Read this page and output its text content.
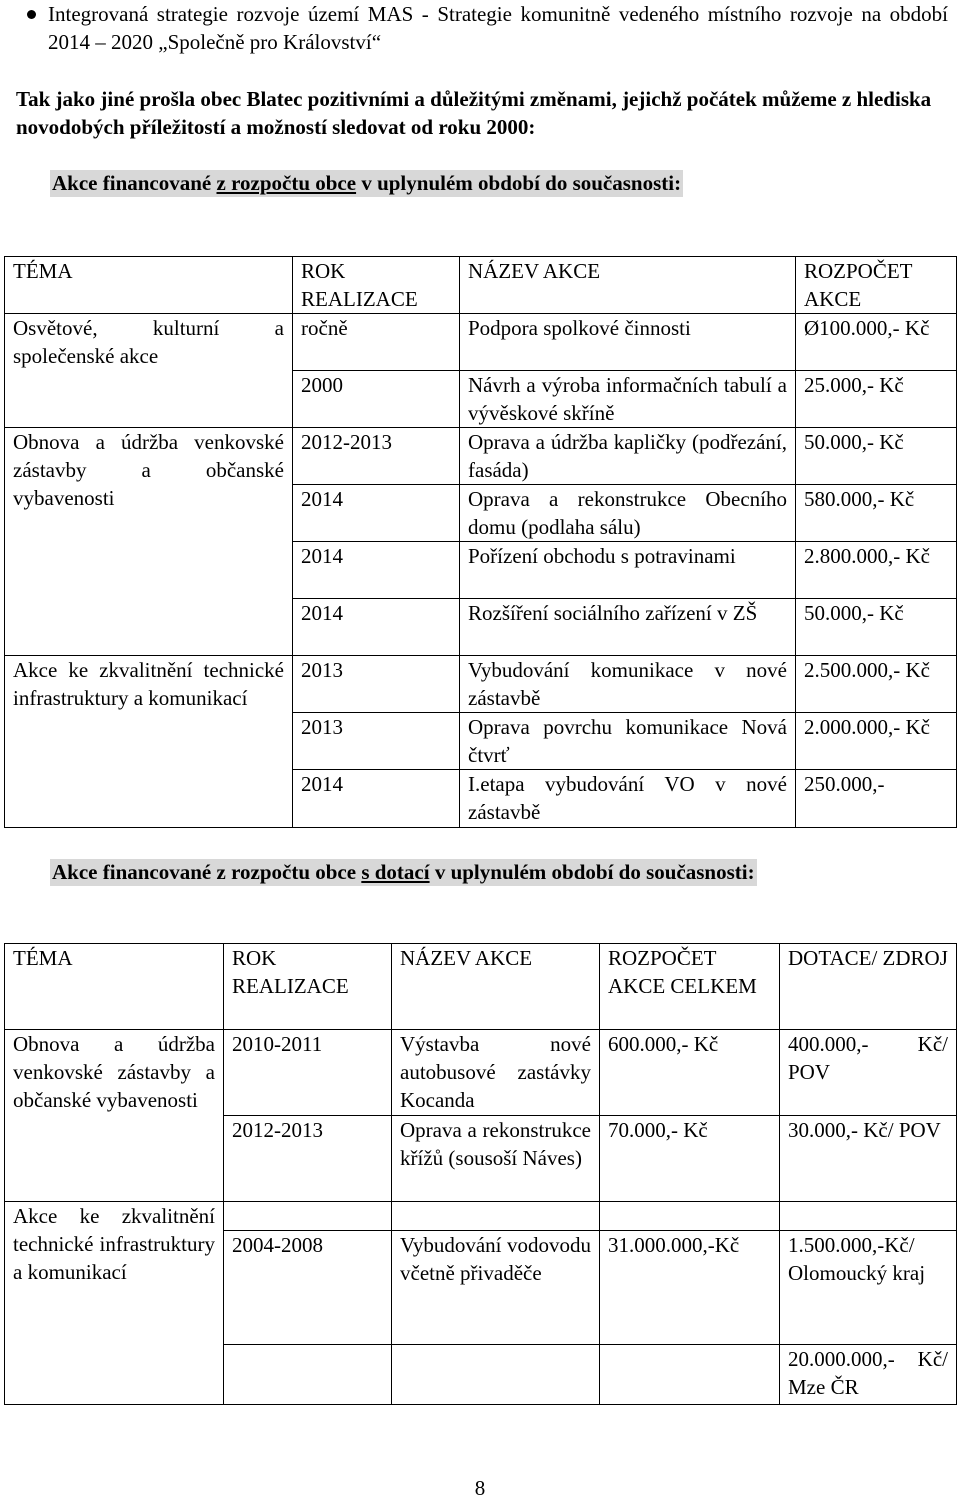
Integrovaná strategie rozvoje území MAS - Strategie komunitně vedeného místního rozvoje na období 2014 – 2020 „Společně pro Království“

Tak jako jiné prošla obec Blatec pozitivními a důležitými změnami, jejichž počátek můžeme z hlediska novodobých příležitostí a možností sledovat od roku 2000:

Akce financované z rozpočtu obce v uplynulém období do současnosti:
TÉMA	ROK REALIZACE	NÁZEV AKCE	ROZPOČET AKCE
Osvětové, kulturní a společenské akce	ročně	Podpora spolkové činnosti	Ø100.000,- Kč
	2000	Návrh a výroba informačních tabulí a vývěskové skříně	25.000,- Kč
Obnova a údržba venkovské zástavby a občanské vybavenosti	2012-2013	Oprava a údržba kapličky (podřezání, fasáda)	50.000,- Kč
	2014	Oprava a rekonstrukce Obecního domu (podlaha sálu)	580.000,- Kč
	2014	Pořízení obchodu s potravinami	2.800.000,- Kč
	2014	Rozšíření sociálního zařízení v ZŠ	50.000,- Kč
Akce ke zkvalitnění technické infrastruktury a komunikací	2013	Vybudování komunikace v nové zástavbě	2.500.000,- Kč
	2013	Oprava povrchu komunikace Nová čtvrť	2.000.000,- Kč
	2014	I.etapa vybudování VO v nové zástavbě	250.000,-
Akce financované z rozpočtu obce s dotací v uplynulém období do současnosti:
TÉMA	ROK REALIZACE	NÁZEV AKCE	ROZPOČET AKCE CELKEM	DOTACE/ ZDROJ
Obnova a údržba venkovské zástavby a občanské vybavenosti	2010-2011	Výstavba nové autobusové zastávky Kocanda	600.000,- Kč	400.000,- Kč/ POV
	2012-2013	Oprava a rekonstrukce křížů (sousoší Náves)	70.000,- Kč	30.000,- Kč/ POV
Akce ke zkvalitnění technické infrastruktury a komunikací				
	2004-2008	Vybudování vodovodu včetně přivaděče	31.000.000,-Kč	1.500.000,-Kč/ Olomoucký kraj
				20.000.000,- Kč/ Mze ČR
8
